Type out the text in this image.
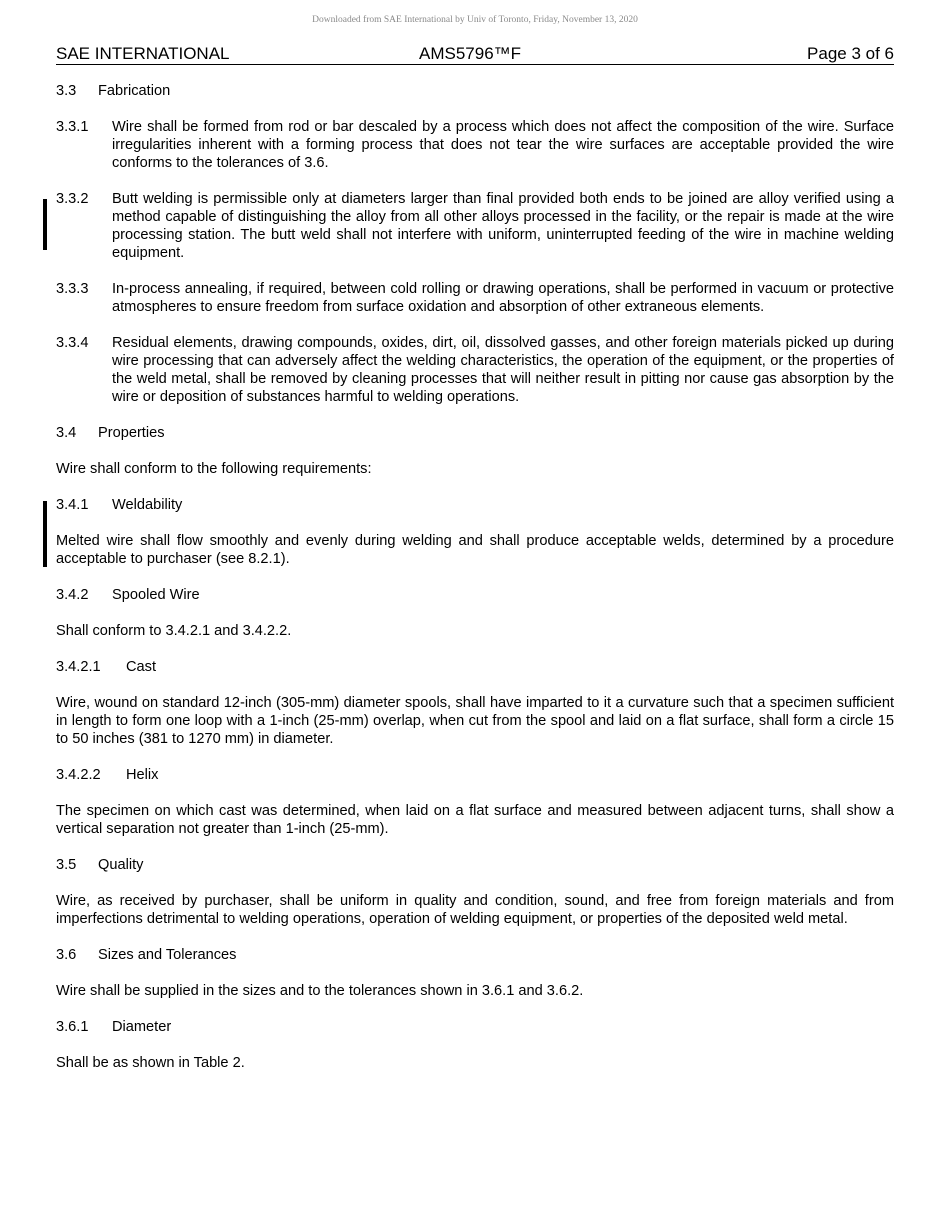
Downloaded from SAE International by Univ of Toronto, Friday, November 13, 2020
SAE INTERNATIONAL	AMS5796™F	Page 3 of 6
3.3 Fabrication
3.3.1	Wire shall be formed from rod or bar descaled by a process which does not affect the composition of the wire. Surface irregularities inherent with a forming process that does not tear the wire surfaces are acceptable provided the wire conforms to the tolerances of 3.6.
3.3.2	Butt welding is permissible only at diameters larger than final provided both ends to be joined are alloy verified using a method capable of distinguishing the alloy from all other alloys processed in the facility, or the repair is made at the wire processing station. The butt weld shall not interfere with uniform, uninterrupted feeding of the wire in machine welding equipment.
3.3.3	In-process annealing, if required, between cold rolling or drawing operations, shall be performed in vacuum or protective atmospheres to ensure freedom from surface oxidation and absorption of other extraneous elements.
3.3.4	Residual elements, drawing compounds, oxides, dirt, oil, dissolved gasses, and other foreign materials picked up during wire processing that can adversely affect the welding characteristics, the operation of the equipment, or the properties of the weld metal, shall be removed by cleaning processes that will neither result in pitting nor cause gas absorption by the wire or deposition of substances harmful to welding operations.
3.4 Properties

Wire shall conform to the following requirements:

3.4.1 Weldability

Melted wire shall flow smoothly and evenly during welding and shall produce acceptable welds, determined by a procedure acceptable to purchaser (see 8.2.1).

3.4.2 Spooled Wire

Shall conform to 3.4.2.1 and 3.4.2.2.

3.4.2.1 Cast

Wire, wound on standard 12-inch (305-mm) diameter spools, shall have imparted to it a curvature such that a specimen sufficient in length to form one loop with a 1-inch (25-mm) overlap, when cut from the spool and laid on a flat surface, shall form a circle 15 to 50 inches (381 to 1270 mm) in diameter.

3.4.2.2 Helix

The specimen on which cast was determined, when laid on a flat surface and measured between adjacent turns, shall show a vertical separation not greater than 1-inch (25-mm).

3.5 Quality

Wire, as received by purchaser, shall be uniform in quality and condition, sound, and free from foreign materials and from imperfections detrimental to welding operations, operation of welding equipment, or properties of the deposited weld metal.

3.6 Sizes and Tolerances

Wire shall be supplied in the sizes and to the tolerances shown in 3.6.1 and 3.6.2.

3.6.1 Diameter

Shall be as shown in Table 2.
